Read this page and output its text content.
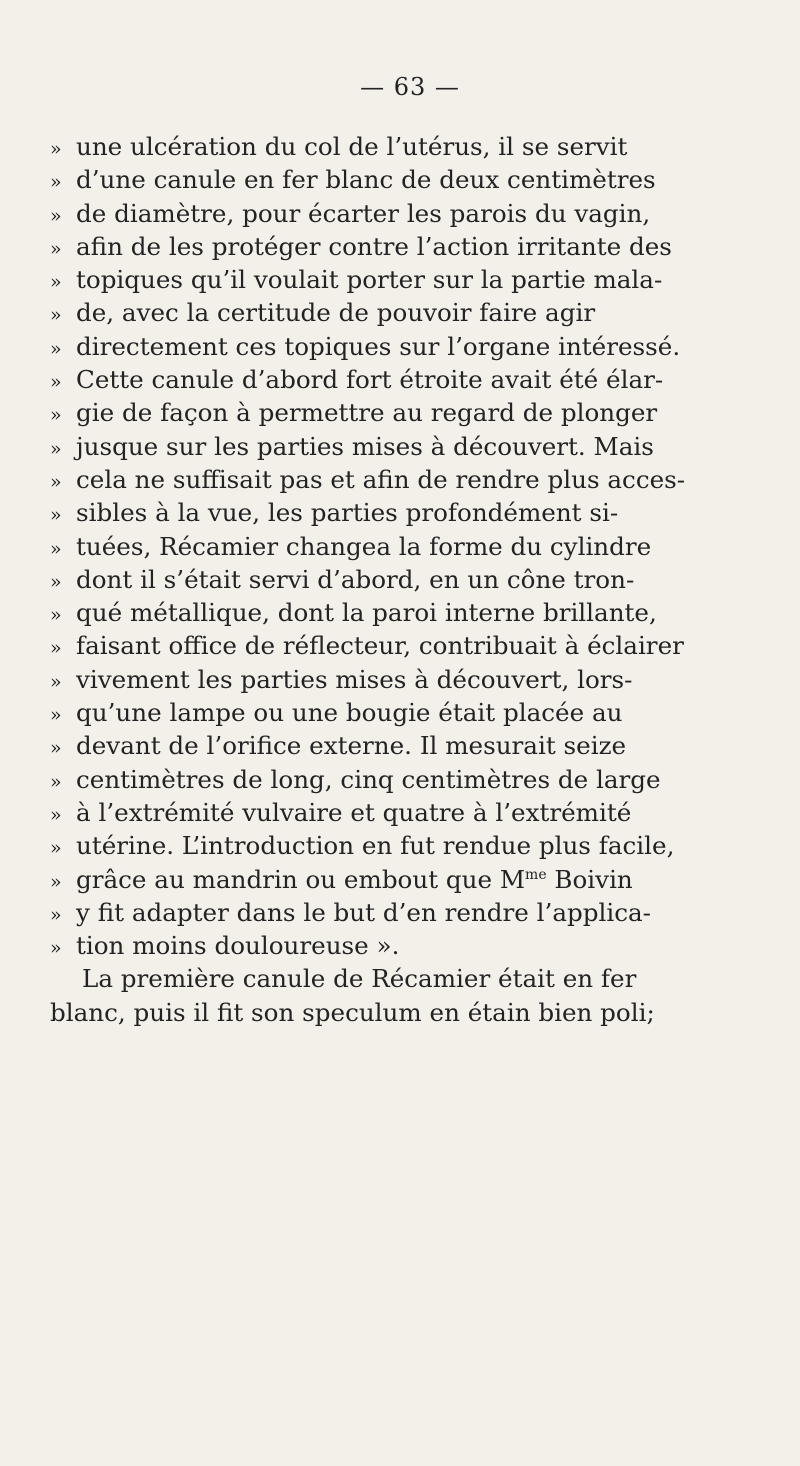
— 63 —
» une ulcération du col de l’utérus, il se servit
» d’une canule en fer blanc de deux centimètres
» de diamètre, pour écarter les parois du vagin,
» afin de les protéger contre l’action irritante des
» topiques qu’il voulait porter sur la partie mala-
» de, avec la certitude de pouvoir faire agir
» directement ces topiques sur l’organe intéressé.
» Cette canule d’abord fort étroite avait été élar-
» gie de façon à permettre au regard de plonger
» jusque sur les parties mises à découvert. Mais
» cela ne suffisait pas et afin de rendre plus acces-
» sibles à la vue, les parties profondément si-
» tuées, Récamier changea la forme du cylindre
» dont il s’était servi d’abord, en un cône tron-
» qué métallique, dont la paroi interne brillante,
» faisant office de réflecteur, contribuait à éclairer
» vivement les parties mises à découvert, lors-
» qu’une lampe ou une bougie était placée au
» devant de l’orifice externe. Il mesurait seize
» centimètres de long, cinq centimètres de large
» à l’extrémité vulvaire et quatre à l’extrémité
» utérine. L’introduction en fut rendue plus facile,
» grâce au mandrin ou embout que $M^{me}$ Boivin
» y fit adapter dans le but d’en rendre l’applica-
» tion moins douloureuse ».
La première canule de Récamier était en fer
blanc, puis il fit son speculum en étain bien poli;
